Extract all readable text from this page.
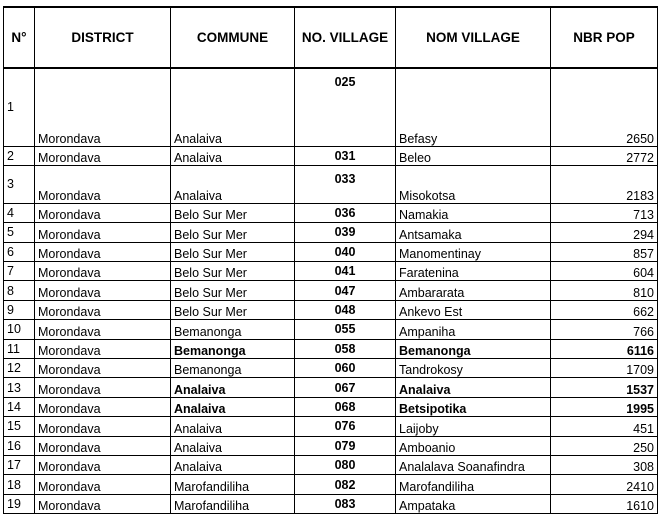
N°	DISTRICT	COMMUNE	NO. VILLAGE	NOM VILLAGE	NBR POP
1	Morondava	Analaiva	025	Befasy	2650
2	Morondava	Analaiva	031	Beleo	2772
3	Morondava	Analaiva	033	Misokotsa	2183
4	Morondava	Belo Sur Mer	036	Namakia	713
5	Morondava	Belo Sur Mer	039	Antsamaka	294
6	Morondava	Belo Sur Mer	040	Manomentinay	857
7	Morondava	Belo Sur Mer	041	Faratenina	604
8	Morondava	Belo Sur Mer	047	Ambararata	810
9	Morondava	Belo Sur Mer	048	Ankevo Est	662
10	Morondava	Bemanonga	055	Ampaniha	766
11	Morondava	Bemanonga	058	Bemanonga	6116
12	Morondava	Bemanonga	060	Tandrokosy	1709
13	Morondava	Analaiva	067	Analaiva	1537
14	Morondava	Analaiva	068	Betsipotika	1995
15	Morondava	Analaiva	076	Laijoby	451
16	Morondava	Analaiva	079	Amboanio	250
17	Morondava	Analaiva	080	Analalava Soanafindra	308
18	Morondava	Marofandiliha	082	Marofandiliha	2410
19	Morondava	Marofandiliha	083	Ampataka	1610
